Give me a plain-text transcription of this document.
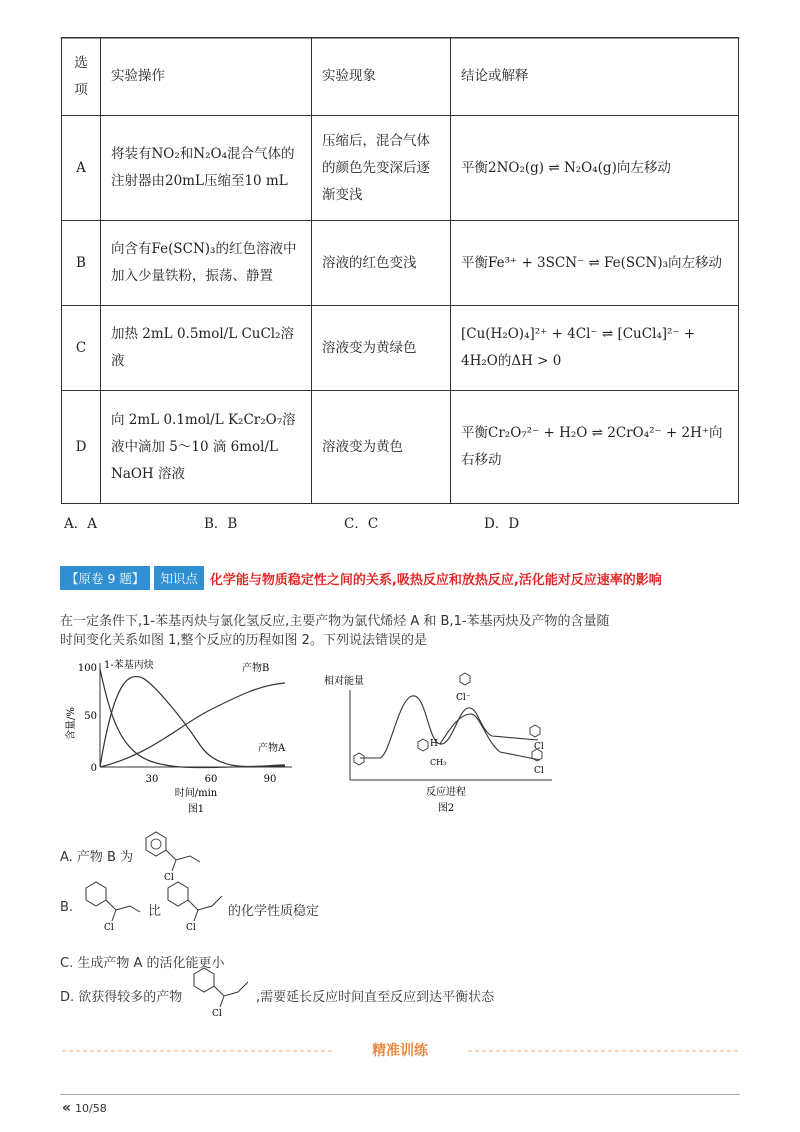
选
项	实验操作	实验现象	结论或解释
A	将装有NO₂和N₂O₄混合气体的注射器由20mL压缩至10 mL	压缩后，混合气体的颜色先变深后逐渐变浅	平衡2NO₂(g) ⇌ N₂O₄(g)向左移动
B	向含有Fe(SCN)₃的红色溶液中加入少量铁粉，振荡、静置	溶液的红色变浅	平衡Fe³⁺ + 3SCN⁻ ⇌ Fe(SCN)₃向左移动
C	加热 2mL 0.5mol/L CuCl₂溶液	溶液变为黄绿色	[Cu(H₂O)₄]²⁺ + 4Cl⁻ ⇌ [CuCl₄]²⁻ + 4H₂O的ΔH > 0
D	向 2mL 0.1mol/L K₂Cr₂O₇溶液中滴加 5～10 滴 6mol/L NaOH 溶液	溶液变为黄色	平衡Cr₂O₇²⁻ + H₂O ⇌ 2CrO₄²⁻ + 2H⁺向右移动
A．A	B．B	C．C	D．D
【原卷 9 题】	知识点 化学能与物质稳定性之间的关系,吸热反应和放热反应,活化能对反应速率的影响
在一定条件下,1-苯基丙炔与氯化氢反应,主要产物为氯代烯烃 A 和 B,1-苯基丙炔及产物的含量随时间变化关系如图 1,整个反应的历程如图 2。下列说法错误的是
100
50
0
30	60	90
含量/%
时间/min
图1
1-苯基丙炔	产物B
产物A
相对能量
反应进程
图2
Cl⁻
H
CH₃
Cl
Cl
A. 产物 B 为
Cl
B.
Cl
比
Cl
的化学性质稳定
C. 生成产物 A 的活化能更小
D. 欲获得较多的产物
Cl
,需要延长反应时间直至反应到达平衡状态
精准训练
« 10/58
